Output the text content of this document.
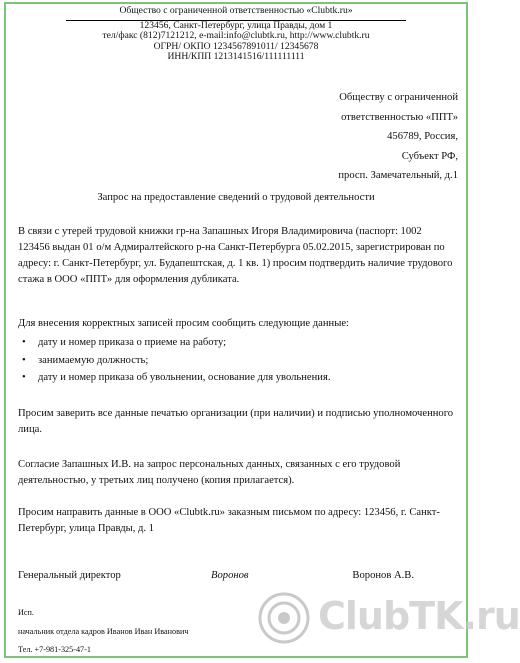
Общество с ограниченной ответственностью «Clubtk.ru»
123456, Санкт-Петербург, улица Правды, дом 1
тел/факс (812)7121212, e-mail:info@clubtk.ru, http://www.clubtk.ru
ОГРН/ ОКПО 1234567891011/ 12345678
ИНН/КПП 1213141516/111111111
Обществу с ограниченной
ответственностью «ППТ»
456789, Россия,
Субъект РФ,
просп. Замечательный, д.1
Запрос на предоставление сведений о трудовой деятельности
В связи с утерей трудовой книжки гр-на Запашных Игоря Владимировича (паспорт: 1002 123456 выдан 01 о/м Адмиралтейского р-на Санкт-Петербурга 05.02.2015, зарегистрирован по адресу: г. Санкт-Петербург, ул. Будапештская, д. 1 кв. 1) просим подтвердить наличие трудового стажа в ООО «ППТ» для оформления дубликата.
Для внесения корректных записей просим сообщить следующие данные:
• дату и номер приказа о приеме на работу;
• занимаемую должность;
• дату и номер приказа об увольнении, основание для увольнения.
Просим заверить все данные печатью организации (при наличии) и подписью уполномоченного лица.
Согласие Запашных И.В. на запрос персональных данных, связанных с его трудовой деятельностью, у третьих лиц получено (копия прилагается).
Просим направить данные в ООО «Clubtk.ru» заказным письмом по адресу: 123456, г. Санкт-Петербург, улица Правды, д. 1
Генеральный директор	Воронов	Воронов А.В.
Исп.
начальник отдела кадров Иванов Иван Иванович
Тел. +7-981-325-47-1
ClubTK.ru
